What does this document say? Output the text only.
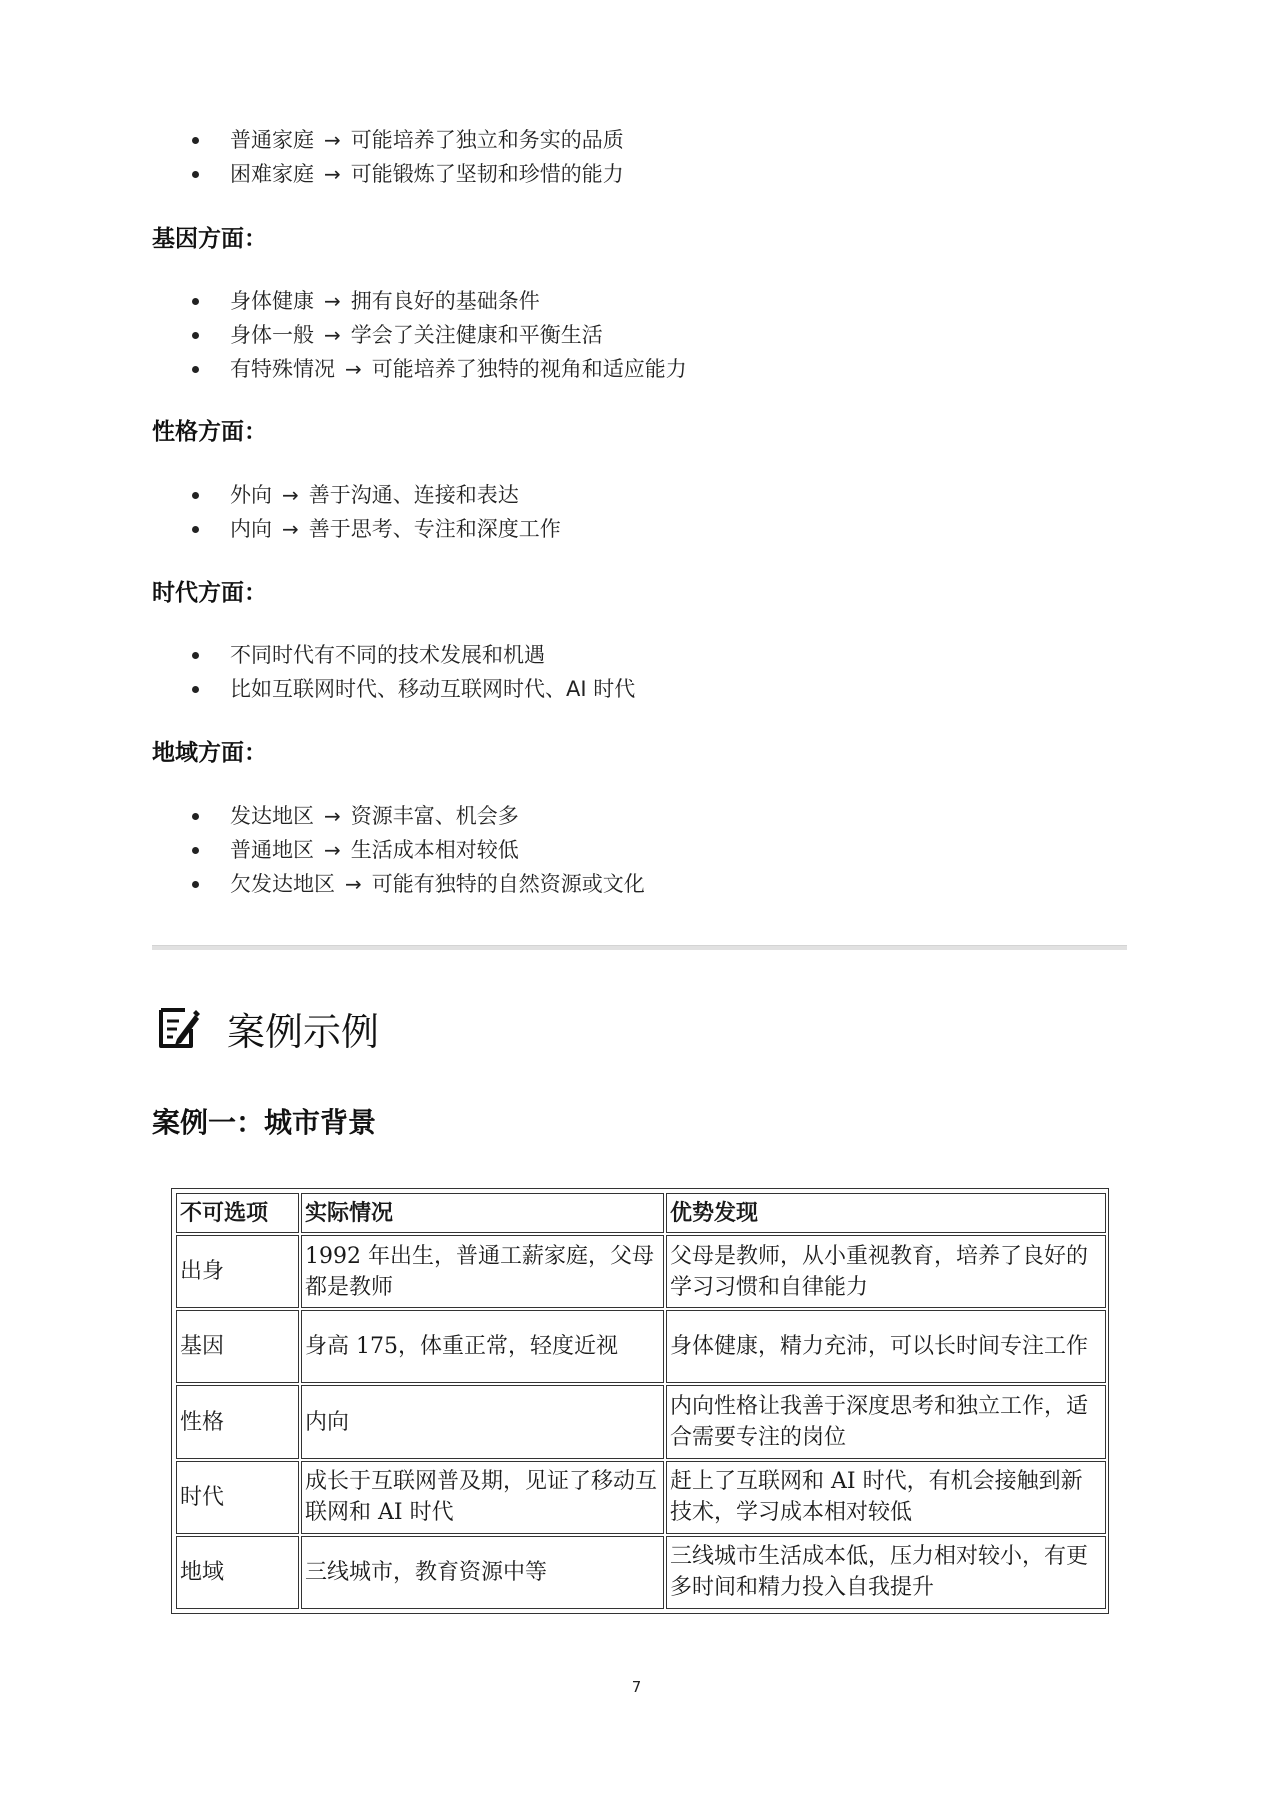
普通家庭 → 可能培养了独立和务实的品质
困难家庭 → 可能锻炼了坚韧和珍惜的能力
基因方面：
身体健康 → 拥有良好的基础条件
身体一般 → 学会了关注健康和平衡生活
有特殊情况 → 可能培养了独特的视角和适应能力
性格方面：
外向 → 善于沟通、连接和表达
内向 → 善于思考、专注和深度工作
时代方面：
不同时代有不同的技术发展和机遇
比如互联网时代、移动互联网时代、AI 时代
地域方面：
发达地区 → 资源丰富、机会多
普通地区 → 生活成本相对较低
欠发达地区 → 可能有独特的自然资源或文化
案例示例
案例一：城市背景
不可选项	实际情况	优势发现
出身	1992 年出生，普通工薪家庭，父母都是教师	父母是教师，从小重视教育，培养了良好的学习习惯和自律能力
基因	身高 175，体重正常，轻度近视	身体健康，精力充沛，可以长时间专注工作
性格	内向	内向性格让我善于深度思考和独立工作，适合需要专注的岗位
时代	成长于互联网普及期，见证了移动互联网和 AI 时代	赶上了互联网和 AI 时代，有机会接触到新技术，学习成本相对较低
地域	三线城市，教育资源中等	三线城市生活成本低，压力相对较小，有更多时间和精力投入自我提升
7
